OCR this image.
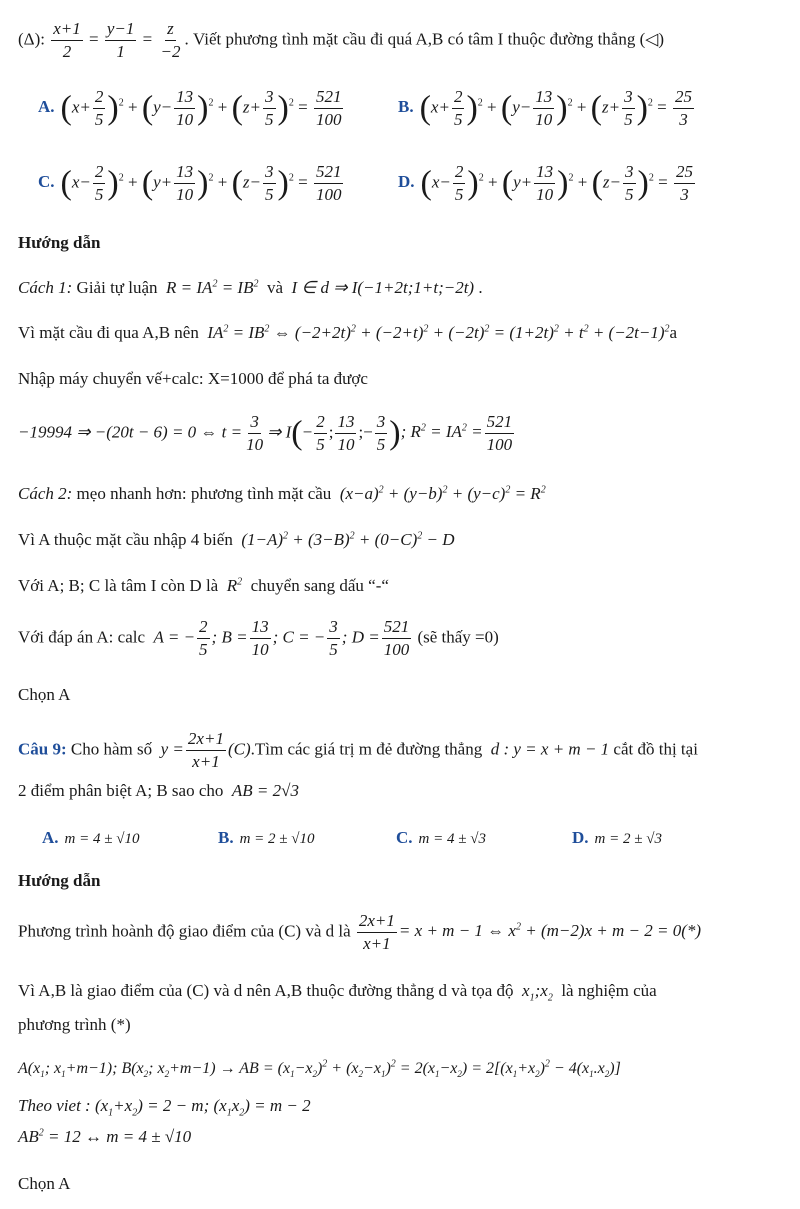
(Δ): $\frac{x+1}{2} = \frac{y-1}{1} = \frac{z}{-2}$ . Viết phương tình mặt cầu đi quá A,B có tâm I thuộc đường thẳng (◁)
A. $(x+ \frac{2}{5} )^2 + (y- \frac{13}{10} )^2 + (z+ \frac{3}{5} )^2 = \frac{521}{100}$	B. $(x+ \frac{2}{5} )^2 + (y- \frac{13}{10} )^2 + (z+ \frac{3}{5} )^2 = \frac{25}{3}$
C. $(x- \frac{2}{5} )^2 + (y+ \frac{13}{10} )^2 + (z- \frac{3}{5} )^2 = \frac{521}{100}$	D. $(x- \frac{2}{5} )^2 + (y+ \frac{13}{10} )^2 + (z- \frac{3}{5} )^2 = \frac{25}{3}$
Hướng dẫn
Cách 1: Giải tự luận  $R = IA^2 = IB^2$ và  I ∈ d ⇒ I(−1+2t;1+t;−2t) .
Vì mặt cầu đi qua A,B nên  $IA^2 = IB^2$ ⇔ $(-2+2t)^2 + (-2+t)^2 + (-2t)^2 = (1+2t)^2 + t^2 + (-2t-1)^2a$
Nhập máy chuyển vế+calc: X=1000 để phá ta được
−19994 ⇒ −(20t − 6) = 0 ⇔ $t = \frac{3}{10}$ ⇒ $I(- \frac{2}{5}$ ; $\frac{13}{10}$ ;− $\frac{3}{5}$ ); $R^2 = IA^2 = \frac{521}{100}$
Cách 2: mẹo nhanh hơn: phương tình mặt cầu  $(x-a)^2 + (y-b)^2 + (y-c)^2 = R^2$
Vì A thuộc mặt cầu nhập 4 biến  $(1-A)^2 + (3-B)^2 + (0-C)^2 - D$
Với A; B; C là tâm I còn D là  $R^2$ chuyển sang dấu “-“
Với đáp án A: calc  A = − $\frac{2}{5}$ ; $B = \frac{13}{10}$ ; C = − $\frac{3}{5}$ ; $D = \frac{521}{100}$ (sẽ thấy =0)
Chọn A
Câu 9: Cho hàm số  $y = \frac{2x+1}{x+1}$ (C).Tìm các giá trị m đẻ đường thẳng  d : y = x + m − 1 cắt đồ thị tại
2 điểm phân biệt A; B sao cho  AB = 2√3
A. m = 4 ± √10	B. m = 2 ± √10	C. m = 4 ± √3	D. m = 2 ± √3
Hướng dẫn
Phương trình hoành độ giao điểm của (C) và d là $\frac{2x+1}{x+1} = x + m - 1$ ⇔ $x^2 + (m-2)x + m - 2 = 0(*)$
Vì A,B là giao điểm của (C) và d nên A,B thuộc đường thẳng d và tọa độ  $x_1;x_2$ là nghiệm của
phương trình (*)
$A(x_1$; $x_1+m-1$); $B(x_2$; $x_2+m-1$) → AB = $(x_1-x_2)^2 + (x_2-x_1)^2 = 2(x_1-x_2) = 2[(x_1+x_2)^2 - 4(x_1.x_2)]$
Theo viet : $(x_1+x_2) = 2 - m$; $(x_1x_2) = m - 2$
$AB^2 = 12$ ↔ m = 4 ± √10
Chọn A
